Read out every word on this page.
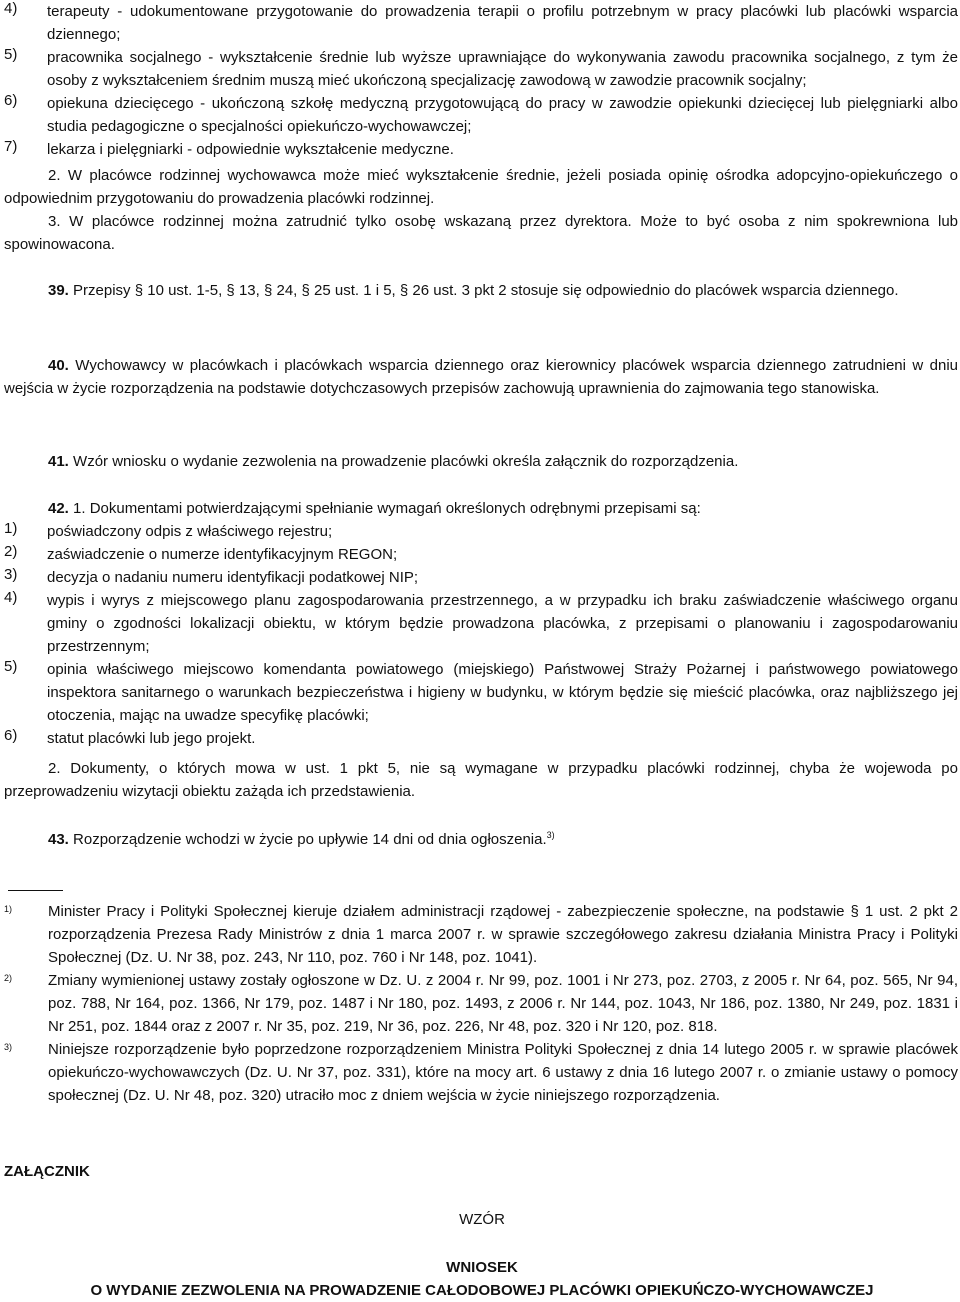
4)	terapeuty - udokumentowane przygotowanie do prowadzenia terapii o profilu potrzebnym w pracy placówki lub placówki wsparcia dziennego;

5)	pracownika socjalnego - wykształcenie średnie lub wyższe uprawniające do wykonywania zawodu pracownika socjalnego, z tym że osoby z wykształceniem średnim muszą mieć ukończoną specjalizację zawodową w zawodzie pracownik socjalny;

6)	opiekuna dziecięcego - ukończoną szkołę medyczną przygotowującą do pracy w zawodzie opiekunki dziecięcej lub pielęgniarki albo studia pedagogiczne o specjalności opiekuńczo-wychowawczej;

7)	lekarza i pielęgniarki - odpowiednie wykształcenie medyczne.

2. W placówce rodzinnej wychowawca może mieć wykształcenie średnie, jeżeli posiada opinię ośrodka adopcyjno-opiekuńczego o odpowiednim przygotowaniu do prowadzenia placówki rodzinnej.

3. W placówce rodzinnej można zatrudnić tylko osobę wskazaną przez dyrektora. Może to być osoba z nim spokrewniona lub spowinowacona.

39. Przepisy § 10 ust. 1-5, § 13, § 24, § 25 ust. 1 i 5, § 26 ust. 3 pkt 2 stosuje się odpowiednio do placówek wsparcia dziennego.

40. Wychowawcy w placówkach i placówkach wsparcia dziennego oraz kierownicy placówek wsparcia dziennego zatrudnieni w dniu wejścia w życie rozporządzenia na podstawie dotychczasowych przepisów zachowują uprawnienia do zajmowania tego stanowiska.

41. Wzór wniosku o wydanie zezwolenia na prowadzenie placówki określa załącznik do rozporządzenia.

42. 1. Dokumentami potwierdzającymi spełnianie wymagań określonych odrębnymi przepisami są:

1)	poświadczony odpis z właściwego rejestru;

2)	zaświadczenie o numerze identyfikacyjnym REGON;

3)	decyzja o nadaniu numeru identyfikacji podatkowej NIP;

4)	wypis i wyrys z miejscowego planu zagospodarowania przestrzennego, a w przypadku ich braku zaświadczenie właściwego organu gminy o zgodności lokalizacji obiektu, w którym będzie prowadzona placówka, z przepisami o planowaniu i zagospodarowaniu przestrzennym;

5)	opinia właściwego miejscowo komendanta powiatowego (miejskiego) Państwowej Straży Pożarnej i państwowego powiatowego inspektora sanitarnego o warunkach bezpieczeństwa i higieny w budynku, w którym będzie się mieścić placówka, oraz najbliższego jej otoczenia, mając na uwadze specyfikę placówki;

6)	statut placówki lub jego projekt.

2. Dokumenty, o których mowa w ust. 1 pkt 5, nie są wymagane w przypadku placówki rodzinnej, chyba że wojewoda po przeprowadzeniu wizytacji obiektu zażąda ich przedstawienia.

43. Rozporządzenie wchodzi w życie po upływie 14 dni od dnia ogłoszenia.$^{3)}$

1)	Minister Pracy i Polityki Społecznej kieruje działem administracji rządowej - zabezpieczenie społeczne, na podstawie § 1 ust. 2 pkt 2 rozporządzenia Prezesa Rady Ministrów z dnia 1 marca 2007 r. w sprawie szczegółowego zakresu działania Ministra Pracy i Polityki Społecznej (Dz. U. Nr 38, poz. 243, Nr 110, poz. 760 i Nr 148, poz. 1041).

2)	Zmiany wymienionej ustawy zostały ogłoszone w Dz. U. z 2004 r. Nr 99, poz. 1001 i Nr 273, poz. 2703, z 2005 r. Nr 64, poz. 565, Nr 94, poz. 788, Nr 164, poz. 1366, Nr 179, poz. 1487 i Nr 180, poz. 1493, z 2006 r. Nr 144, poz. 1043, Nr 186, poz. 1380, Nr 249, poz. 1831 i Nr 251, poz. 1844 oraz z 2007 r. Nr 35, poz. 219, Nr 36, poz. 226, Nr 48, poz. 320 i Nr 120, poz. 818.

3)	Niniejsze rozporządzenie było poprzedzone rozporządzeniem Ministra Polityki Społecznej z dnia 14 lutego 2005 r. w sprawie placówek opiekuńczo-wychowawczych (Dz. U. Nr 37, poz. 331), które na mocy art. 6 ustawy z dnia 16 lutego 2007 r. o zmianie ustawy o pomocy społecznej (Dz. U. Nr 48, poz. 320) utraciło moc z dniem wejścia w życie niniejszego rozporządzenia.

ZAŁĄCZNIK

WZÓR

WNIOSEK

O WYDANIE ZEZWOLENIA NA PROWADZENIE CAŁODOBOWEJ PLACÓWKI OPIEKUŃCZO-WYCHOWAWCZEJ
